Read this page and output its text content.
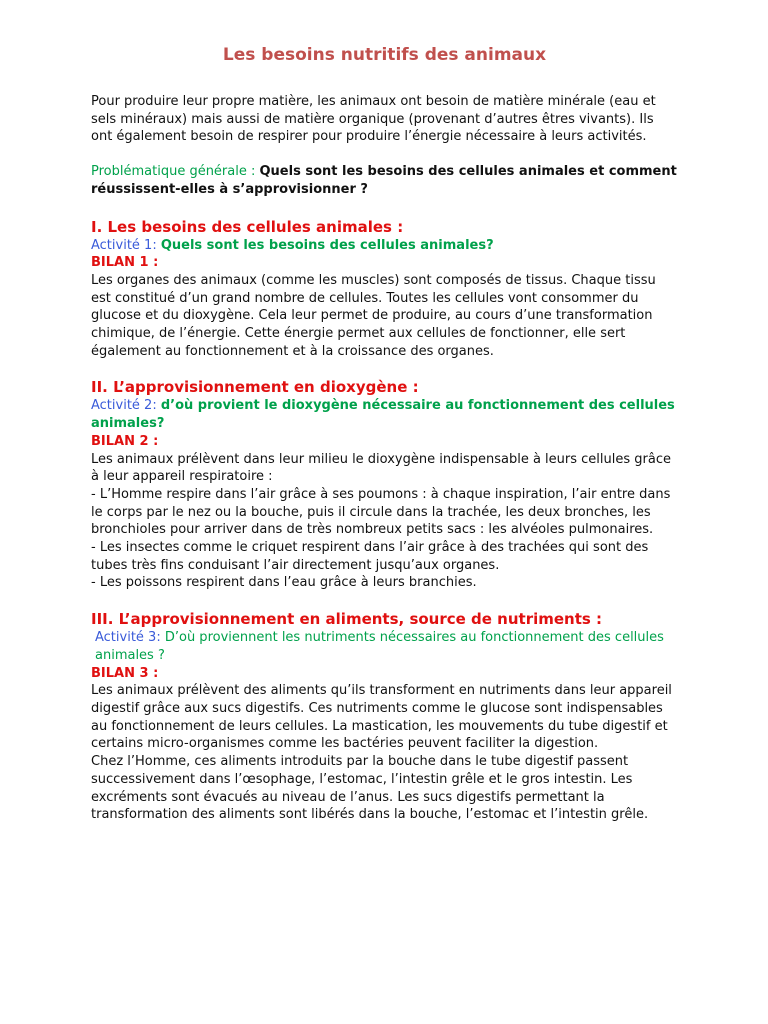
Les besoins nutritifs des animaux

Pour produire leur propre matière, les animaux ont besoin de matière minérale (eau et sels minéraux) mais aussi de matière organique (provenant d’autres êtres vivants). Ils ont également besoin de respirer pour produire l’énergie nécessaire à leurs activités.

Problématique générale : Quels sont les besoins des cellules animales et comment réussissent-elles à s’approvisionner ?

I. Les besoins des cellules animales :

Activité 1: Quels sont les besoins des cellules animales?

BILAN 1 :

Les organes des animaux (comme les muscles) sont composés de tissus. Chaque tissu est constitué d’un grand nombre de cellules. Toutes les cellules vont consommer du glucose et du dioxygène. Cela leur permet de produire, au cours d’une transformation chimique, de l’énergie. Cette énergie permet aux cellules de fonctionner, elle sert également au fonctionnement et à la croissance des organes.

II. L’approvisionnement en dioxygène :

Activité 2: d’où provient le dioxygène nécessaire au fonctionnement des cellules animales?

BILAN 2 :

Les animaux prélèvent dans leur milieu le dioxygène indispensable à leurs cellules grâce à leur appareil respiratoire :

- L’Homme respire dans l’air grâce à ses poumons : à chaque inspiration, l’air entre dans le corps par le nez ou la bouche, puis il circule dans la trachée, les deux bronches, les bronchioles pour arriver dans de très nombreux petits sacs : les alvéoles pulmonaires.

- Les insectes comme le criquet respirent dans l’air grâce à des trachées qui sont des tubes très fins conduisant l’air directement jusqu’aux organes.

- Les poissons respirent dans l’eau grâce à leurs branchies.

III. L’approvisionnement en aliments, source de nutriments :

Activité 3: D’où proviennent les nutriments nécessaires au fonctionnement des cellules animales ?

BILAN 3 :

Les animaux prélèvent des aliments qu’ils transforment en nutriments dans leur appareil digestif grâce aux sucs digestifs. Ces nutriments comme le glucose sont indispensables au fonctionnement de leurs cellules. La mastication, les mouvements du tube digestif et certains micro-organismes comme les bactéries peuvent faciliter la digestion.

Chez l’Homme, ces aliments introduits par la bouche dans le tube digestif passent successivement dans l’œsophage, l’estomac, l’intestin grêle et le gros intestin. Les excréments sont évacués au niveau de l’anus. Les sucs digestifs permettant la transformation des aliments sont libérés dans la bouche, l’estomac et l’intestin grêle.
